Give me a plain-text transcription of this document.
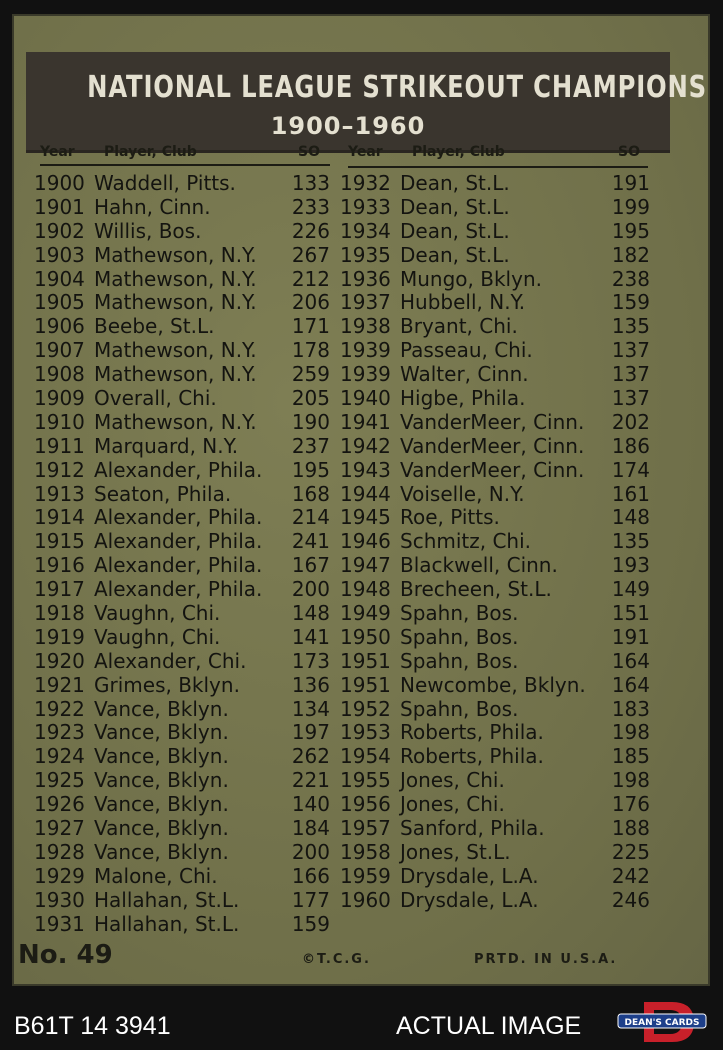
NATIONAL LEAGUE STRIKEOUT CHAMPIONS
1900–1960
Year Player, Club	SO Year Player, Club	SO
1900 Waddell, Pitts.	133
1901 Hahn, Cinn.	233
1902 Willis, Bos.	226
1903 Mathewson, N.Y. 267
1904 Mathewson, N.Y. 212
1905 Mathewson, N.Y. 206
1906 Beebe, St.L.	171
1907 Mathewson, N.Y. 178
1908 Mathewson, N.Y. 259
1909 Overall, Chi.	205
1910 Mathewson, N.Y. 190
1911 Marquard, N.Y.	237
1912 Alexander, Phila. 195
1913 Seaton, Phila.	168
1914 Alexander, Phila. 214
1915 Alexander, Phila. 241
1916 Alexander, Phila. 167
1917 Alexander, Phila. 200
1918 Vaughn, Chi.	148
1919 Vaughn, Chi.	141
1920 Alexander, Chi. 173
1921 Grimes, Bklyn.	136
1922 Vance, Bklyn.	134
1923 Vance, Bklyn.	197
1924 Vance, Bklyn.	262
1925 Vance, Bklyn.	221
1926 Vance, Bklyn.	140
1927 Vance, Bklyn.	184
1928 Vance, Bklyn.	200
1929 Malone, Chi.	166
1930 Hallahan, St.L.	177
1931 Hallahan, St.L.	159
1932 Dean, St.L.	191
1933 Dean, St.L.	199
1934 Dean, St.L.	195
1935 Dean, St.L.	182
1936 Mungo, Bklyn.	238
1937 Hubbell, N.Y.	159
1938 Bryant, Chi.	135
1939 Passeau, Chi.	137
1939 Walter, Cinn.	137
1940 Higbe, Phila.	137
1941 VanderMeer, Cinn. 202
1942 VanderMeer, Cinn. 186
1943 VanderMeer, Cinn. 174
1944 Voiselle, N.Y.	161
1945 Roe, Pitts.	148
1946 Schmitz, Chi.	135
1947 Blackwell, Cinn.	193
1948 Brecheen, St.L.	149
1949 Spahn, Bos.	151
1950 Spahn, Bos.	191
1951 Spahn, Bos.	164
1951 Newcombe, Bklyn. 164
1952 Spahn, Bos.	183
1953 Roberts, Phila.	198
1954 Roberts, Phila.	185
1955 Jones, Chi.	198
1956 Jones, Chi.	176
1957 Sanford, Phila.	188
1958 Jones, St.L.	225
1959 Drysdale, L.A.	242
1960 Drysdale, L.A.	246
No. 49	©T.C.G.	PRTD. IN U.S.A.
B61T 14 3941	ACTUAL IMAGE	DEAN'S CARDS
